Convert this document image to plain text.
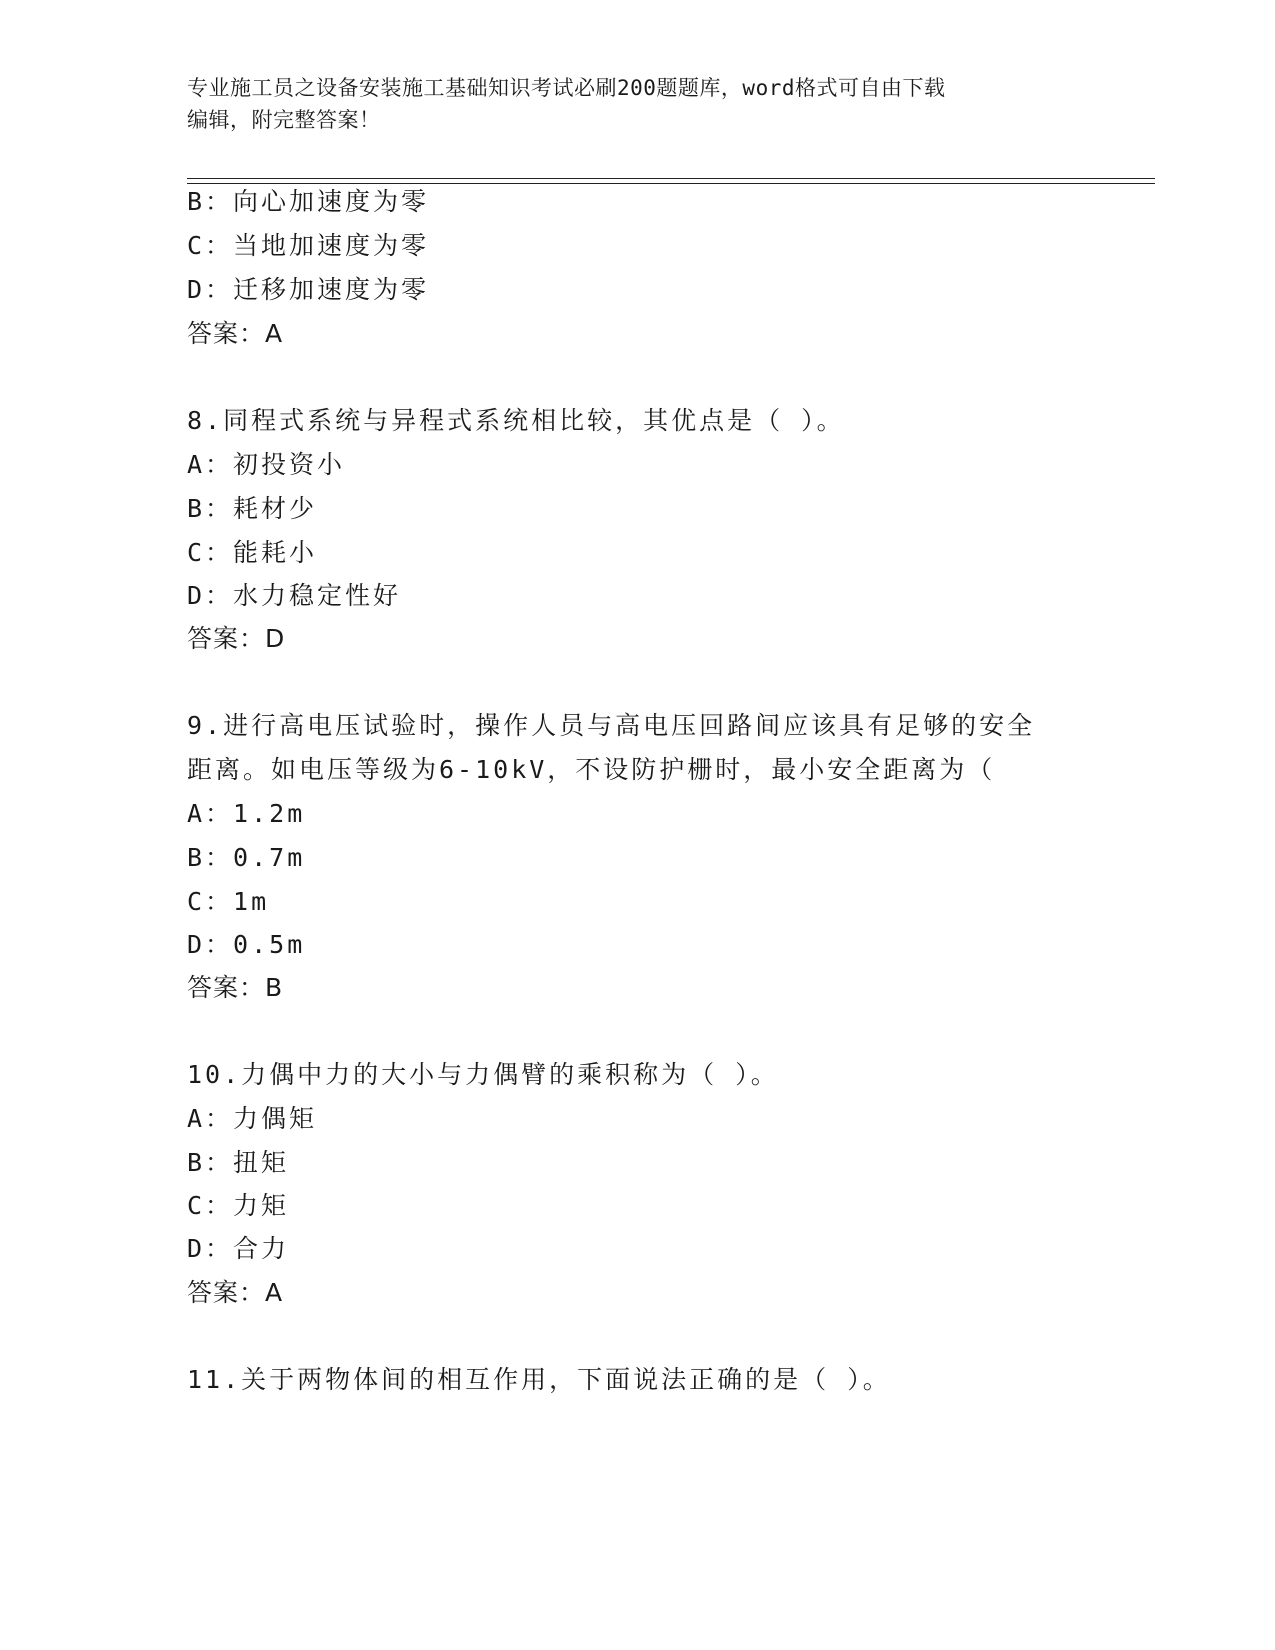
专业施工员之设备安装施工基础知识考试必刷200题题库，word格式可自由下载
编辑，附完整答案！
B：向心加速度为零
C：当地加速度为零
D：迁移加速度为零
答案：A
8.同程式系统与异程式系统相比较，其优点是（ ）。
A：初投资小
B：耗材少
C：能耗小
D：水力稳定性好
答案：D
9.进行高电压试验时，操作人员与高电压回路间应该具有足够的安全
距离。如电压等级为6-10kV，不设防护栅时，最小安全距离为（
A：1.2m
B：0.7m
C：1m
D：0.5m
答案：B
10.力偶中力的大小与力偶臂的乘积称为（ ）。
A：力偶矩
B：扭矩
C：力矩
D：合力
答案：A
11.关于两物体间的相互作用，下面说法正确的是（ ）。
